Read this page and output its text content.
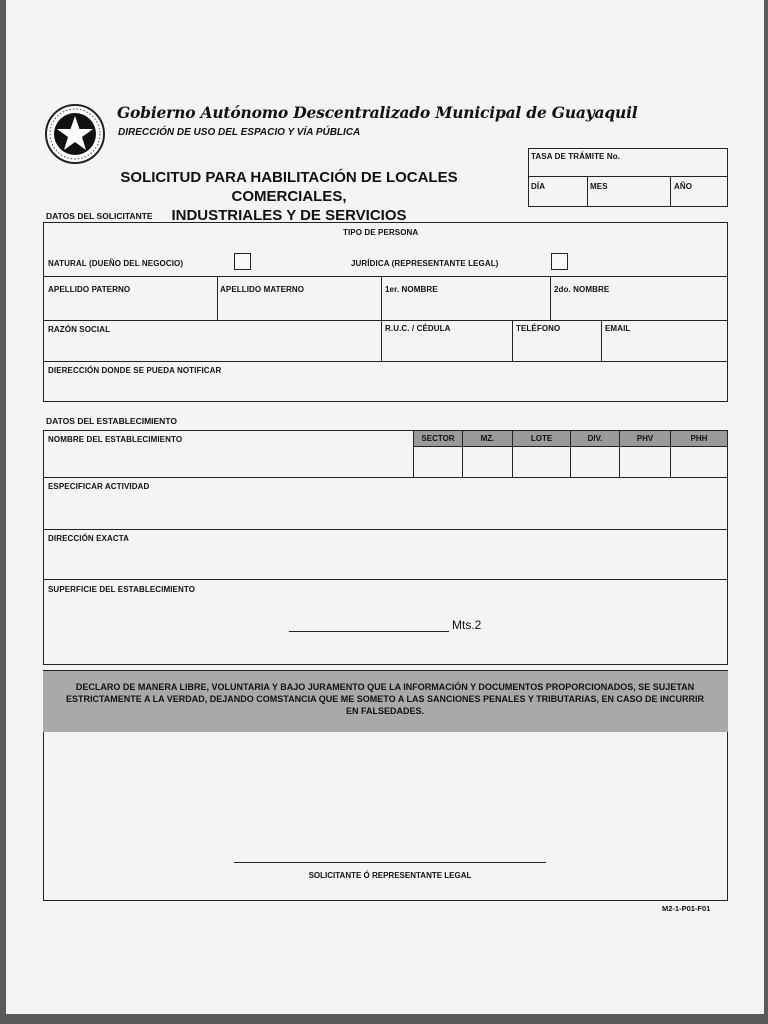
Gobierno Autónomo Descentralizado Municipal de Guayaquil
DIRECCIÓN DE USO DEL ESPACIO Y VÍA PÚBLICA
SOLICITUD PARA HABILITACIÓN DE LOCALES COMERCIALES,
INDUSTRIALES Y DE SERVICIOS
TASA DE TRÁMITE No.
DÍA	MES	AÑO
DATOS DEL SOLICITANTE
TIPO DE PERSONA
NATURAL (DUEÑO DEL NEGOCIO)	JURÍDICA (REPRESENTANTE LEGAL)
APELLIDO PATERNO	APELLIDO MATERNO	1er. NOMBRE	2do. NOMBRE
RAZÓN SOCIAL	R.U.C. / CÉDULA	TELÉFONO	EMAIL
DIERECCIÓN DONDE SE PUEDA NOTIFICAR
DATOS DEL ESTABLECIMIENTO
NOMBRE DEL ESTABLECIMIENTO	SECTOR	MZ.	LOTE	DIV.	PHV	PHH
ESPECIFICAR ACTIVIDAD
DIRECCIÓN EXACTA
SUPERFICIE DEL ESTABLECIMIENTO
Mts.2
DECLARO DE MANERA LIBRE, VOLUNTARIA Y BAJO JURAMENTO QUE LA INFORMACIÓN Y DOCUMENTOS PROPORCIONADOS, SE SUJETAN ESTRICTAMENTE A LA VERDAD, DEJANDO COMSTANCIA QUE ME SOMETO A LAS SANCIONES PENALES Y TRIBUTARIAS, EN CASO DE INCURRIR EN FALSEDADES.
SOLICITANTE Ó REPRESENTANTE LEGAL
M2-1-P01-F01
